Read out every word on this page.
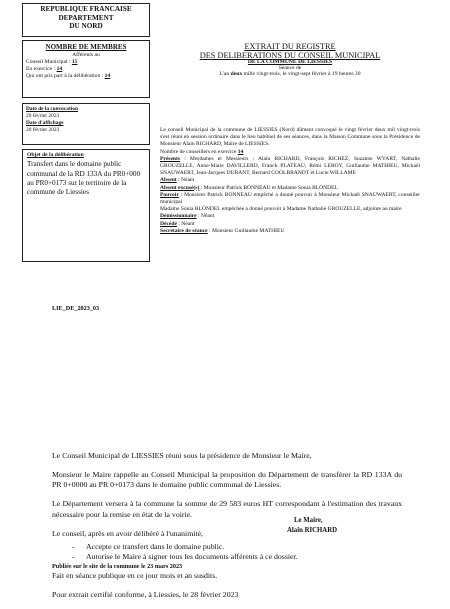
REPUBLIQUE FRANCAISE
DEPARTEMENT
DU NORD
NOMBRE DE MEMBRES
Afférents au
Conseil Municipal : 15
En exercice : 14
Qui ont pris part à la délibération : 14
Date de la convocation
20 février 2023
Date d'affichage
20 février 2023
Objet de la délibération
Transfert dans le domaine public communal de la RD 133A du PR0+000 au PR0+0173 sur le territoire de la commune de Liessies
LIE_DE_2023_03
EXTRAIT DU REGISTRE
DES DELIBERATIONS DU CONSEIL MUNICIPAL
DE LA COMMUNE DE LIESSIES
Séance de
L'an deux mille vingt-trois, le vingt-sept février à 19 heures 30

Le conseil Municipal de la commune de LIESSIES (Nord) dûment convoqué le vingt février deux mil vingt-trois s'est réuni en session ordinaire dans le lieu habituel de ses séances, dans la Maison Commune sous la Présidence de Monsieur Alain RICHARD, Maire de LIESSIES.

Nombre de conseillers en exercice 14

Présents : Mesdames et Messieurs : Alain RICHARD, François RICHEZ, Suzanne WYART, Nathalie GROUZELLE, Anne-Marie DAVILLERD, Franck PLATEAU, Rémi LEROY, Guillaume MATHIEU, Mickaël SNAUWAERT, Jean-Jacques DURANT, Bernard COOLBRANDT et Lucie WILLAME

Absent : Néant

Absent excusé(s) : Monsieur Patrick BONNEAU et Madame Sonia BLONDEL

Pouvoir : Monsieur Patrick BONNEAU empêché a donné pouvoir à Monsieur Mickaël SNAUWAERT, conseiller municipal

Madame Sonia BLONDEL empêchée a donné pouvoir à Madame Nathalie GROUZELLE, adjointe au maire

Démissionnaire : Néant

Décédé : Néant

Secrétaire de séance : Monsieur Guillaume MATHIEU

Le Conseil Municipal de LIESSIES réuni sous la présidence de Monsieur le Maire,

Monsieur le Maire rappelle au Conseil Municipal la proposition du Département de transférer la RD 133A du PR 0+0000 au PR 0+0173 dans le domaine public communal de Liessies.

Le Département versera à la commune la somme de 29 583 euros HT correspondant à l'estimation des travaux nécessaire pour la remise en état de la voirie.

Le conseil, après en avoir délibéré à l'unanimité,

- Accepte ce transfert dans le domaine public.
- Autorise le Maire à signer tous les documents afférents à ce dossier.

Fait en séance publique en ce jour mois et an susdits.

Pour extrait certifié conforme, à Liessies, le 28 février 2023

Le Maire,
Alain RICHARD
Publiée sur le site de la commune le 23 mars 2023
